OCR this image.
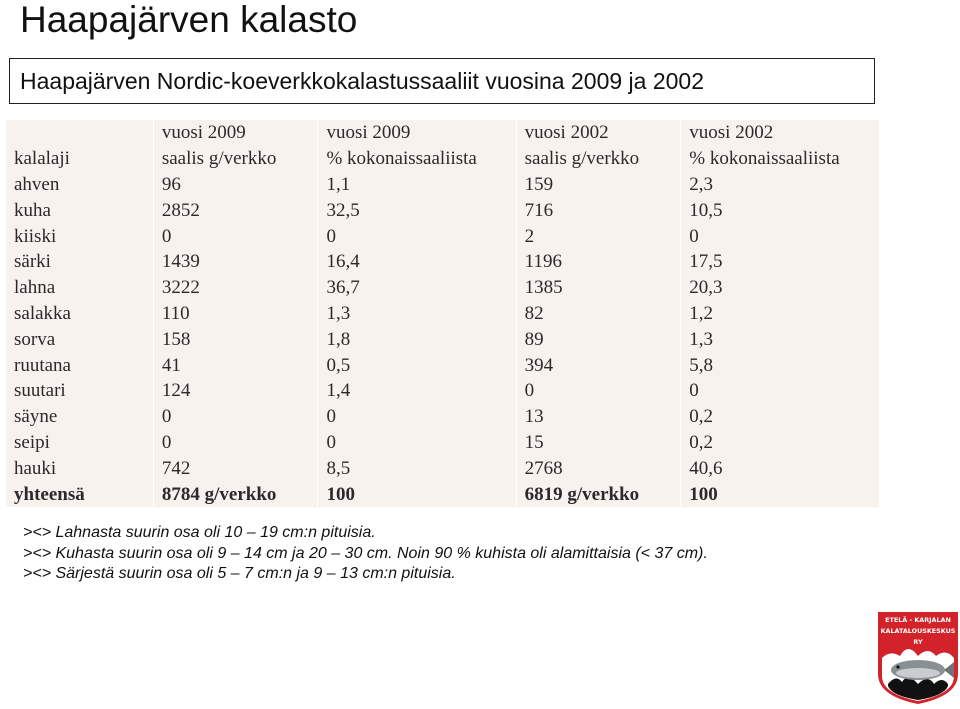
Haapajärven kalasto
Haapajärven Nordic-koeverkkokalastussaaliit vuosina 2009 ja 2002
	vuosi 2009	vuosi 2009	vuosi 2002	vuosi 2002
kalalaji	saalis g/verkko	% kokonaissaaliista	saalis g/verkko	% kokonaissaaliista
ahven	96	1,1	159	2,3
kuha	2852	32,5	716	10,5
kiiski	0	0	2	0
särki	1439	16,4	1196	17,5
lahna	3222	36,7	1385	20,3
salakka	110	1,3	82	1,2
sorva	158	1,8	89	1,3
ruutana	41	0,5	394	5,8
suutari	124	1,4	0	0
säyne	0	0	13	0,2
seipi	0	0	15	0,2
hauki	742	8,5	2768	40,6
yhteensä	8784 g/verkko	100	6819 g/verkko	100
><> Lahnasta suurin osa oli 10 – 19 cm:n pituisia.
><> Kuhasta suurin osa oli 9 – 14 cm ja 20 – 30 cm. Noin 90 % kuhista oli alamittaisia (< 37 cm).
><> Särjestä suurin osa oli 5 – 7 cm:n ja 9 – 13 cm:n pituisia.
ETELÄ - KARJALAN
KALATALOUSKESKUS RY
